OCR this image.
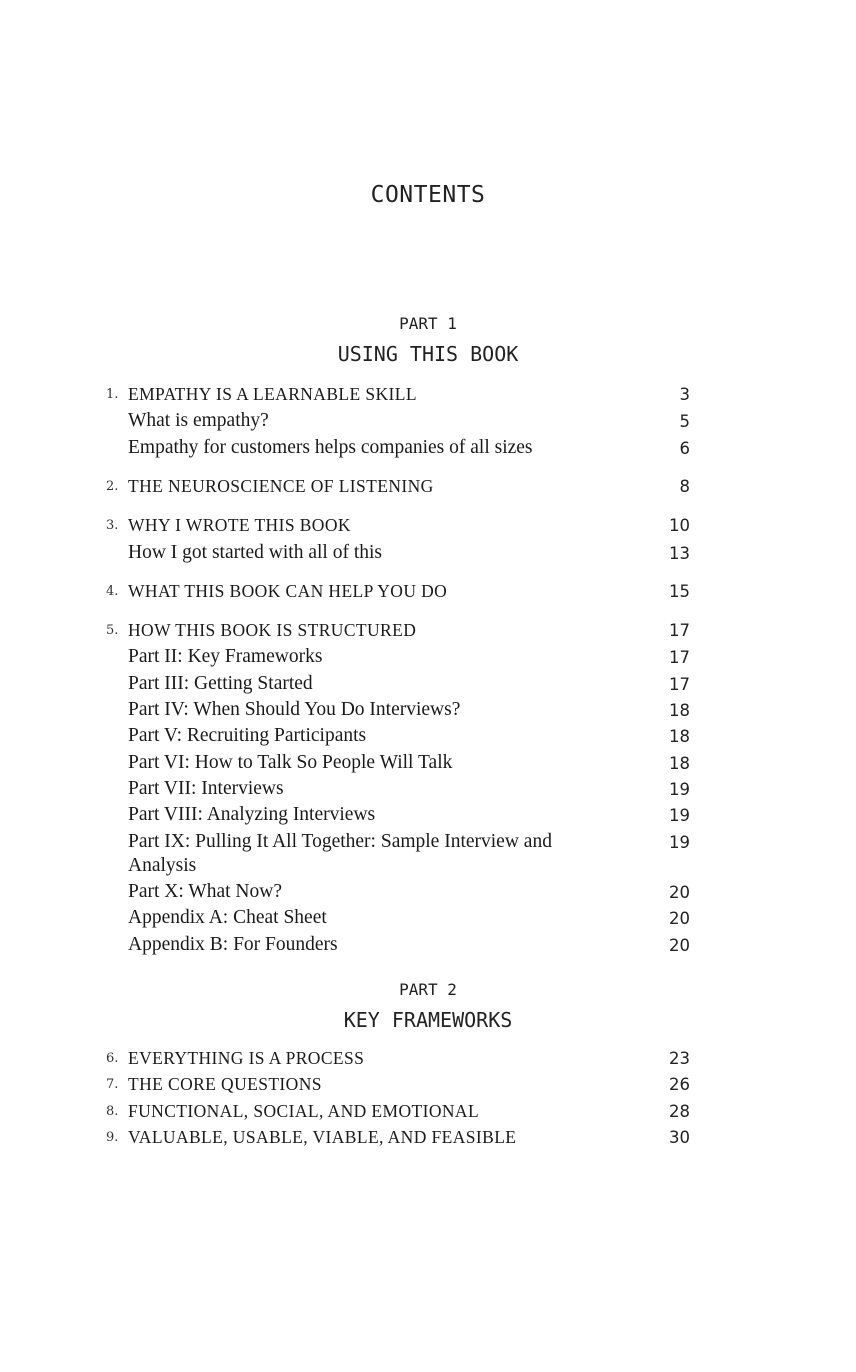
CONTENTS
PART 1
USING THIS BOOK
1. EMPATHY IS A LEARNABLE SKILL	3
What is empathy?	5
Empathy for customers helps companies of all sizes	6
2. THE NEUROSCIENCE OF LISTENING	8
3. WHY I WROTE THIS BOOK	10
How I got started with all of this	13
4. WHAT THIS BOOK CAN HELP YOU DO	15
5. HOW THIS BOOK IS STRUCTURED	17
Part II: Key Frameworks	17
Part III: Getting Started	17
Part IV: When Should You Do Interviews?	18
Part V: Recruiting Participants	18
Part VI: How to Talk So People Will Talk	18
Part VII: Interviews	19
Part VIII: Analyzing Interviews	19
Part IX: Pulling It All Together: Sample Interview and	19
Analysis
Part X: What Now?	20
Appendix A: Cheat Sheet	20
Appendix B: For Founders	20
PART 2
KEY FRAMEWORKS
6. EVERYTHING IS A PROCESS	23
7. THE CORE QUESTIONS	26
8. FUNCTIONAL, SOCIAL, AND EMOTIONAL	28
9. VALUABLE, USABLE, VIABLE, AND FEASIBLE	30
